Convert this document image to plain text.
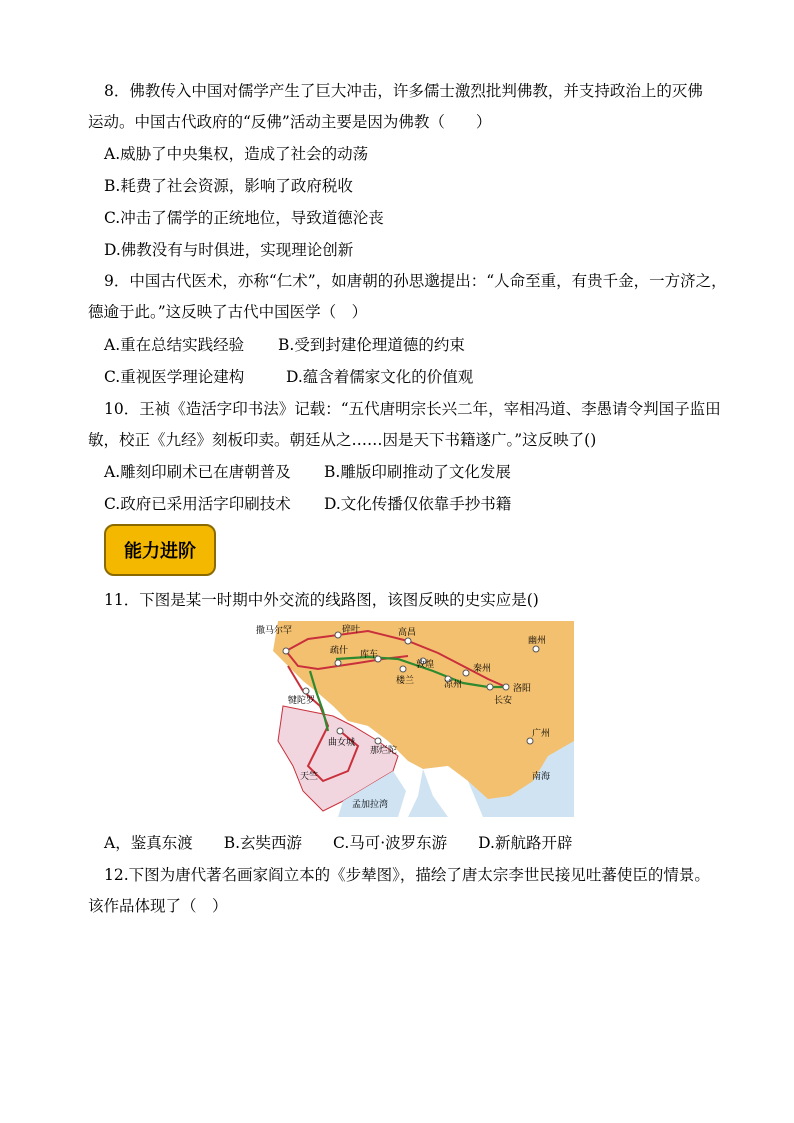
8．佛教传入中国对儒学产生了巨大冲击，许多儒士激烈批判佛教，并支持政治上的灭佛
运动。中国古代政府的“反佛”活动主要是因为佛教（　　）
A.威胁了中央集权，造成了社会的动荡
B.耗费了社会资源，影响了政府税收
C.冲击了儒学的正统地位，导致道德沦丧
D.佛教没有与时俱进，实现理论创新
9．中国古代医术，亦称“仁术”，如唐朝的孙思邈提出：“人命至重，有贵千金，一方济之，
德逾于此。”这反映了古代中国医学（　）
A.重在总结实践经验 B.受到封建伦理道德的约束
C.重视医学理论建构	D.蕴含着儒家文化的价值观
10．王祯《造活字印书法》记载：“五代唐明宗长兴二年，宰相冯道、李愚请令判国子监田
敏，校正《九经》刻板印卖。朝廷从之……因是天下书籍遂广。”这反映了()
A.雕刻印刷术已在唐朝普及 B.雕版印刷推动了文化发展
C.政府已采用活字印刷技术 D.文化传播仅依靠手抄书籍
能力进阶
11．下图是某一时期中外交流的线路图，该图反映的史实应是()
撒马尔罕	碎叶	高昌
幽州
疏什 库车
敦煌	秦州
楼兰	凉州	洛阳
长安
犍陀罗
曲女城
那烂陀
广州
天竺	南海
孟加拉湾
A，鉴真东渡　　B.玄奘西游　　C.马可·波罗东游　　D.新航路开辟
12.下图为唐代著名画家阎立本的《步辇图》，描绘了唐太宗李世民接见吐蕃使臣的情景。
该作品体现了（　）
